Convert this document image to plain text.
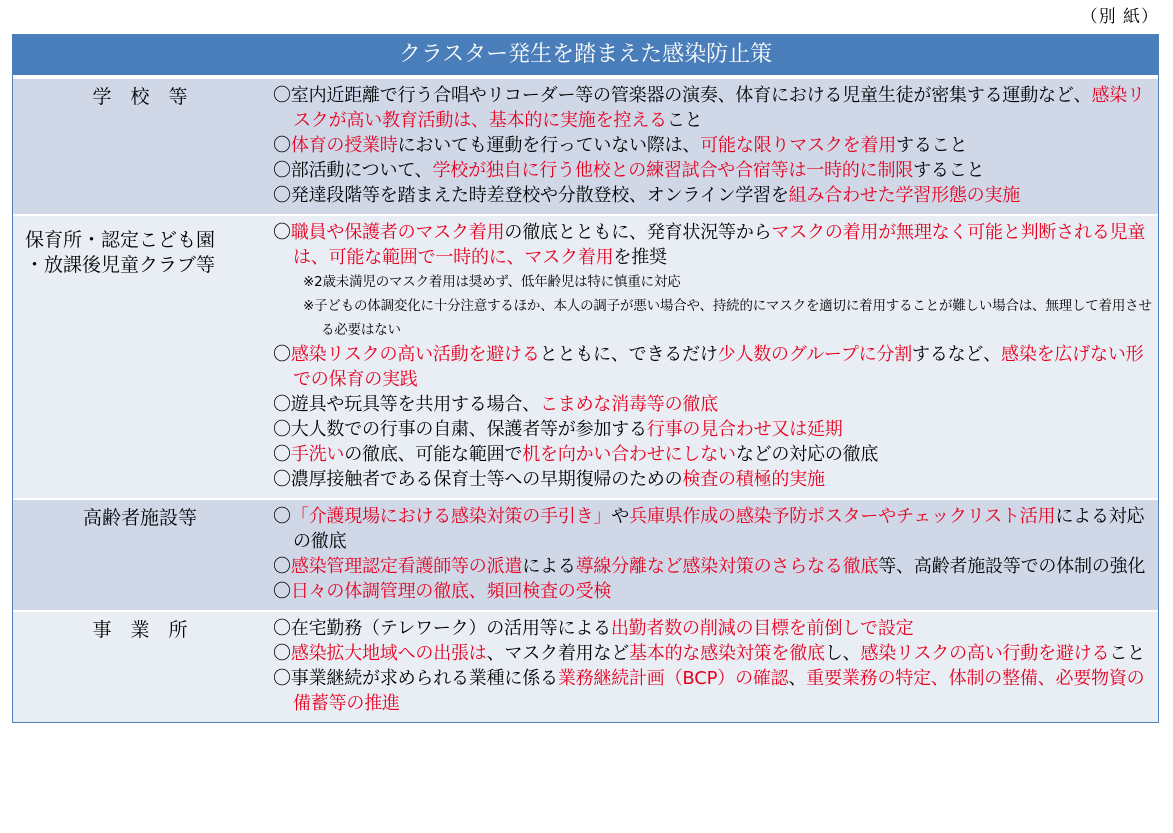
（別 紙）
クラスター発生を踏まえた感染防止策
学　校　等	〇室内近距離で行う合唱やリコーダー等の管楽器の演奏、体育における児童生徒が密集する運動など、感染リスクが高い教育活動は、基本的に実施を控えること
〇体育の授業時においても運動を行っていない際は、可能な限りマスクを着用すること
〇部活動について、学校が独自に行う他校との練習試合や合宿等は一時的に制限すること
〇発達段階等を踏まえた時差登校や分散登校、オンライン学習を組み合わせた学習形態の実施
保育所・認定こども園
・放課後児童クラブ等
〇職員や保護者のマスク着用の徹底とともに、発育状況等からマスクの着用が無理なく可能と判断される児童は、可能な範囲で一時的に、マスク着用を推奨
※2歳未満児のマスク着用は奨めず、低年齢児は特に慎重に対応
※子どもの体調変化に十分注意するほか、本人の調子が悪い場合や、持続的にマスクを適切に着用することが難しい場合は、無理して着用させる必要はない
〇感染リスクの高い活動を避けるとともに、できるだけ少人数のグループに分割するなど、感染を広げない形での保育の実践
〇遊具や玩具等を共用する場合、こまめな消毒等の徹底
〇大人数での行事の自粛、保護者等が参加する行事の見合わせ又は延期
〇手洗いの徹底、可能な範囲で机を向かい合わせにしないなどの対応の徹底
〇濃厚接触者である保育士等への早期復帰のための検査の積極的実施
高齢者施設等	〇「介護現場における感染対策の手引き」や兵庫県作成の感染予防ポスターやチェックリスト活用による対応の徹底
〇感染管理認定看護師等の派遣による導線分離など感染対策のさらなる徹底等、高齢者施設等での体制の強化
〇日々の体調管理の徹底、頻回検査の受検
事　業　所	〇在宅勤務（テレワーク）の活用等による出勤者数の削減の目標を前倒しで設定
〇感染拡大地域への出張は、マスク着用など基本的な感染対策を徹底し、感染リスクの高い行動を避けること
〇事業継続が求められる業種に係る業務継続計画（BCP）の確認、重要業務の特定、体制の整備、必要物資の備蓄等の推進
